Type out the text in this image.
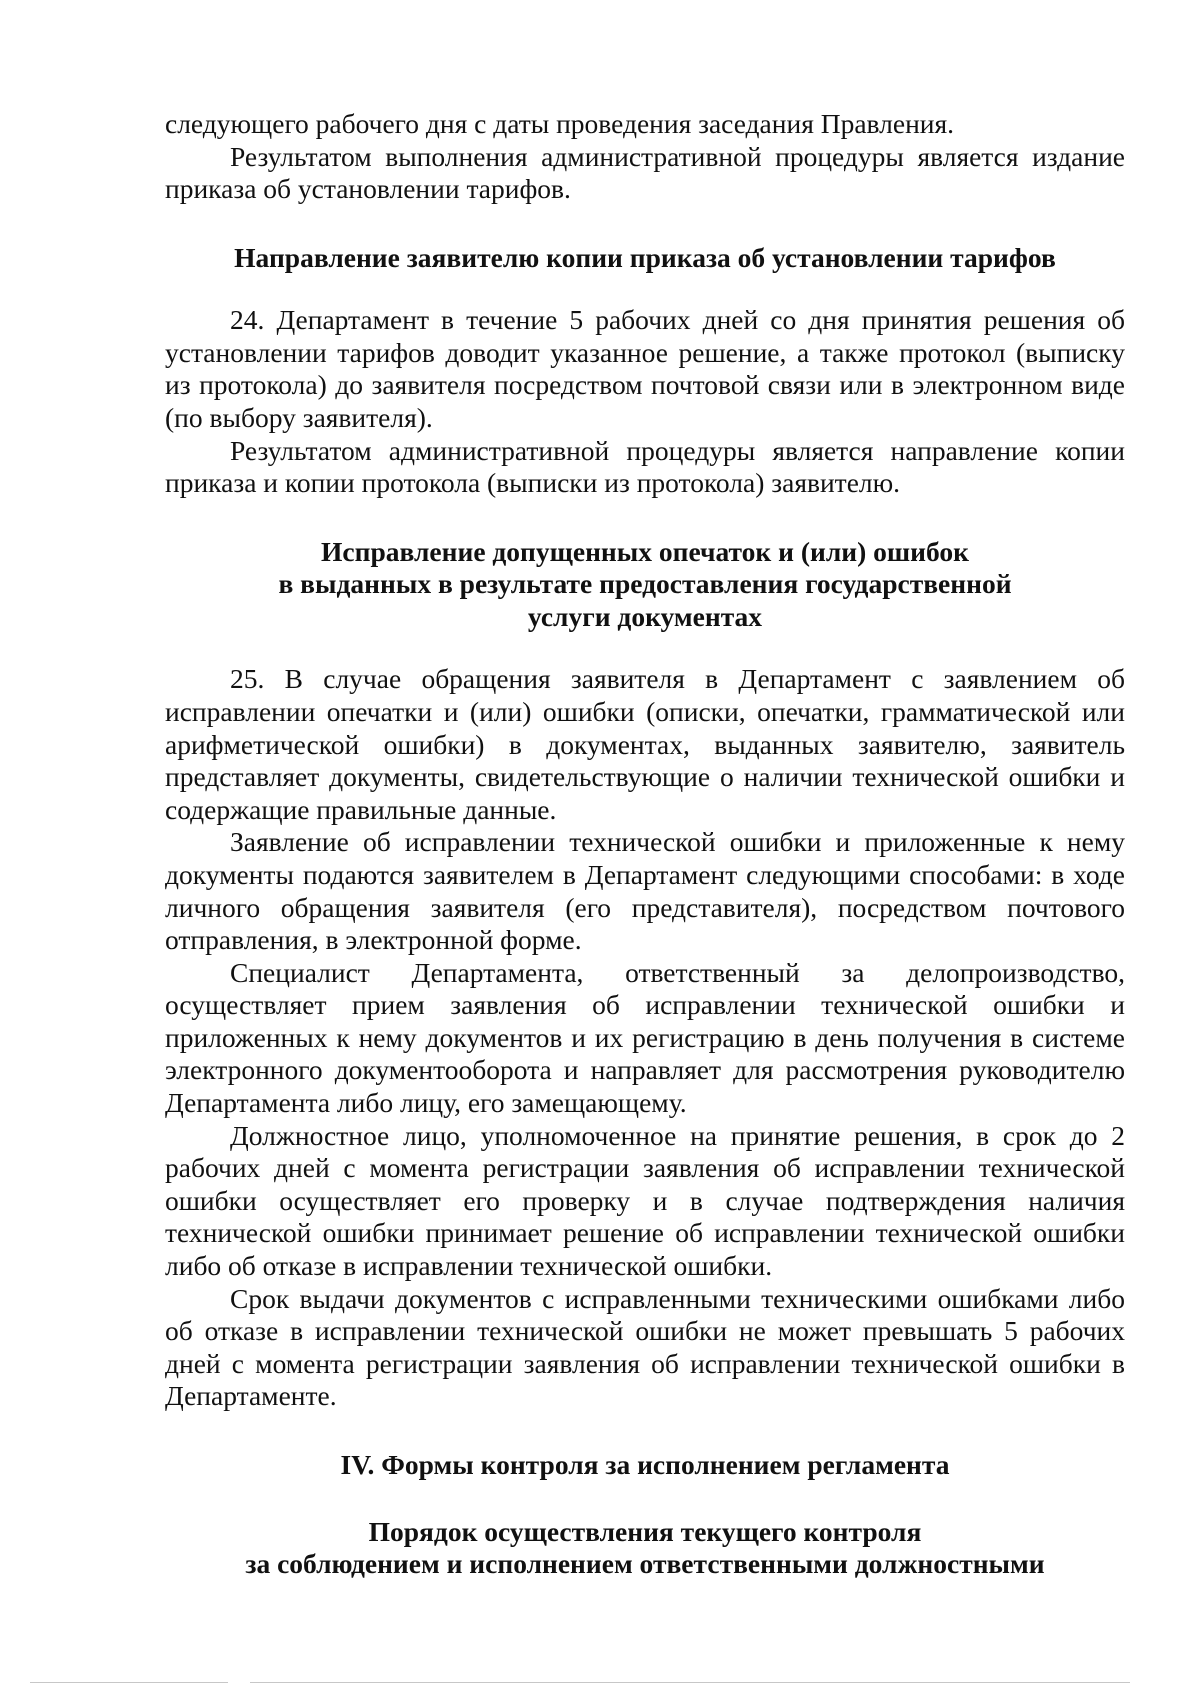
следующего рабочего дня с даты проведения заседания Правления.

Результатом выполнения административной процедуры является издание приказа об установлении тарифов.

Направление заявителю копии приказа об установлении тарифов

24. Департамент в течение 5 рабочих дней со дня принятия решения об установлении тарифов доводит указанное решение, а также протокол (выписку из протокола) до заявителя посредством почтовой связи или в электронном виде (по выбору заявителя).

Результатом административной процедуры является направление копии приказа и копии протокола (выписки из протокола) заявителю.

Исправление допущенных опечаток и (или) ошибок
в выданных в результате предоставления государственной
услуги документах

25. В случае обращения заявителя в Департамент с заявлением об исправлении опечатки и (или) ошибки (описки, опечатки, грамматической или арифметической ошибки) в документах, выданных заявителю, заявитель представляет документы, свидетельствующие о наличии технической ошибки и содержащие правильные данные.

Заявление об исправлении технической ошибки и приложенные к нему документы подаются заявителем в Департамент следующими способами: в ходе личного обращения заявителя (его представителя), посредством почтового отправления, в электронной форме.

Специалист Департамента, ответственный за делопроизводство, осуществляет прием заявления об исправлении технической ошибки и приложенных к нему документов и их регистрацию в день получения в системе электронного документооборота и направляет для рассмотрения руководителю Департамента либо лицу, его замещающему.

Должностное лицо, уполномоченное на принятие решения, в срок до 2 рабочих дней с момента регистрации заявления об исправлении технической ошибки осуществляет его проверку и в случае подтверждения наличия технической ошибки принимает решение об исправлении технической ошибки либо об отказе в исправлении технической ошибки.

Срок выдачи документов с исправленными техническими ошибками либо об отказе в исправлении технической ошибки не может превышать 5 рабочих дней с момента регистрации заявления об исправлении технической ошибки в Департаменте.

IV. Формы контроля за исполнением регламента
Порядок осуществления текущего контроля
за соблюдением и исполнением ответственными должностными
